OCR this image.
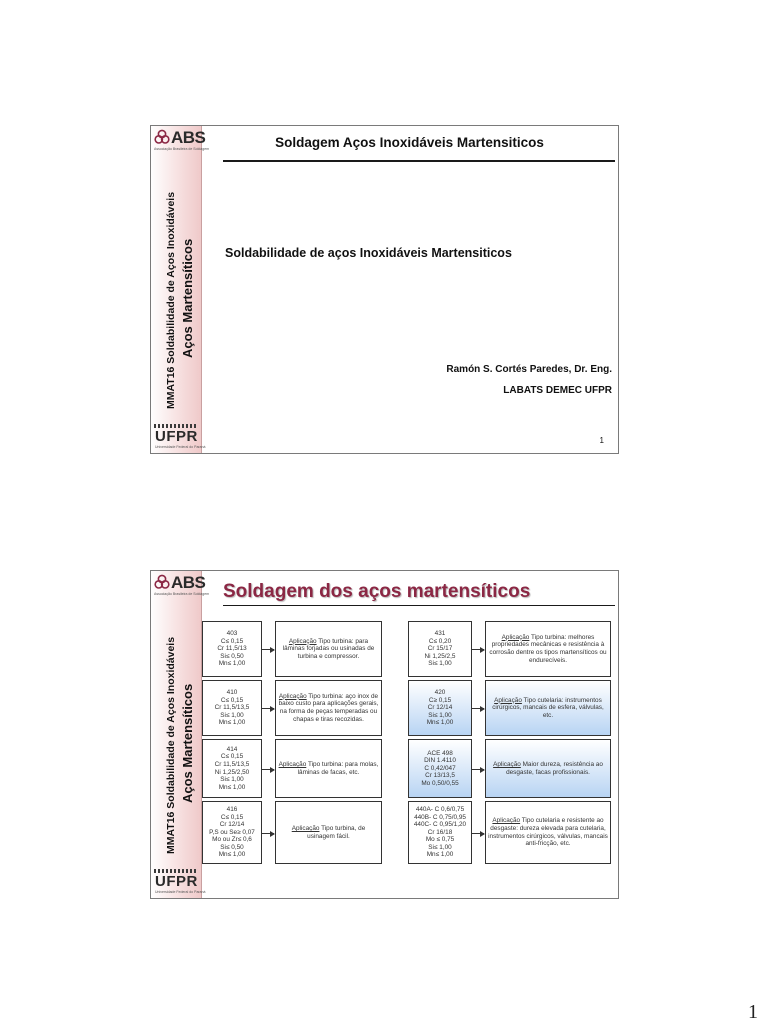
ABS
Associação Brasileira de Soldagem
MMAT16 Soldabilidade de Aços Inoxidáveis Aços Martensíticos
UFPR
Universidade Federal do Paraná
Soldagem Aços Inoxidáveis Martensiticos
Soldabilidade de aços Inoxidáveis Martensiticos
Ramón S. Cortés Paredes, Dr. Eng.
LABATS DEMEC UFPR
1
ABS
Associação Brasileira de Soldagem
MMAT16 Soldabilidade de Aços Inoxidáveis Aços Martensíticos
UFPR
Universidade Federal do Paraná
Soldagem dos aços martensíticos
403
C≤ 0,15
Cr 11,5/13
Si≤ 0,50
Mn≤ 1,00
Aplicação Tipo turbina: para lâminas forjadas ou usinadas de turbina e compressor.
410
C≤ 0,15
Cr 11,5/13,5
Si≤ 1,00
Mn≤ 1,00
Aplicação Tipo turbina: aço inox de baixo custo para aplicações gerais, na forma de peças temperadas ou chapas e tiras recozidas.
414
C≤ 0,15
Cr 11,5/13,5
Ni 1,25/2,50
Si≤ 1,00
Mn≤ 1,00
Aplicação Tipo turbina: para molas, lâminas de facas, etc.
416
C≤ 0,15
Cr 12/14
P,S ou Se≥ 0,07
Mo ou Zr≤ 0,6
Si≤ 0,50
Mn≤ 1,00
Aplicação Tipo turbina, de usinagem fácil.
431
C≤ 0,20
Cr 15/17
Ni 1,25/2,5
Si≤ 1,00
Aplicação Tipo turbina: melhores propriedades mecânicas e resistência à corrosão dentre os tipos martensíticos ou endurecíveis.
420
C≥ 0,15
Cr 12/14
Si≤ 1,00
Mn≤ 1,00
Aplicação Tipo cutelaria: instrumentos cirúrgicos, mancais de esfera, válvulas, etc.
ACE 498
DIN 1.4110
C 0,42/047
Cr 13/13,5
Mo 0,50/0,55
Aplicação Maior dureza, resistência ao desgaste, facas profissionais.
440A- C 0,6/0,75
440B- C 0,75/0,95
440C- C 0,95/1,20
Cr 16/18
Mo ≤ 0,75
Si≤ 1,00
Mn≤ 1,00
Aplicação Tipo cutelaria e resistente ao desgaste: dureza elevada para cutelaria, instrumentos cirúrgicos, válvulas, mancais anti-fricção, etc.
1
